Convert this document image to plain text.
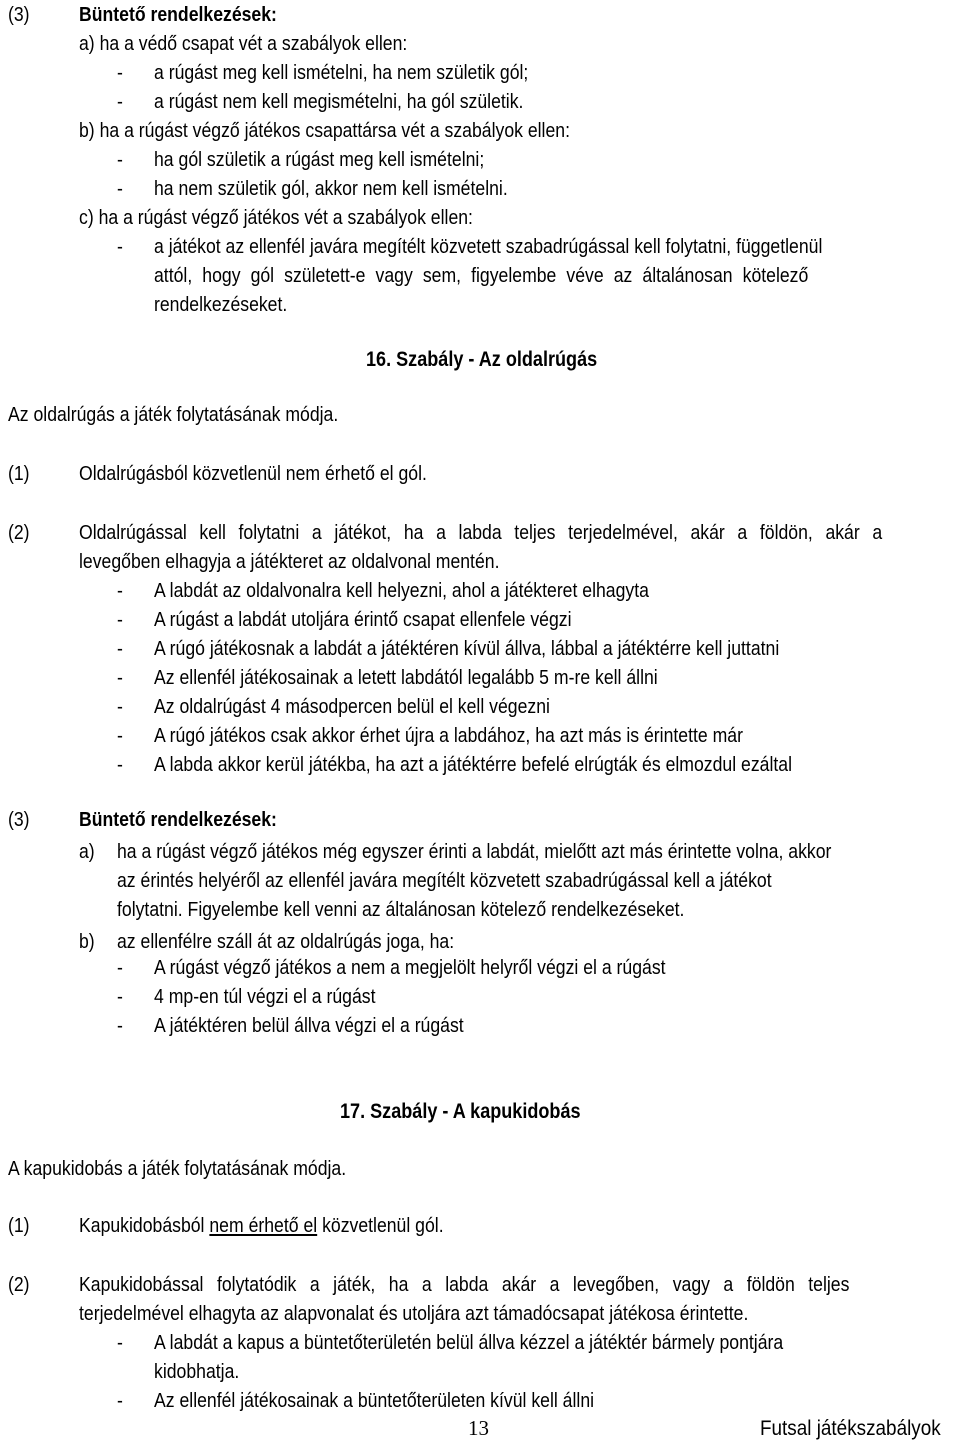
(3) Büntető rendelkezések:
a) ha a védő csapat vét a szabályok ellen:
- a rúgást meg kell ismételni, ha nem születik gól;
- a rúgást nem kell megismételni, ha gól születik.
b) ha a rúgást végző játékos csapattársa vét a szabályok ellen:
- ha gól születik a rúgást meg kell ismételni;
- ha nem születik gól, akkor nem kell ismételni.
c) ha a rúgást végző játékos vét a szabályok ellen:
- a játékot az ellenfél javára megítélt közvetett szabadrúgással kell folytatni, függetlenül
attól, hogy gól született-e vagy sem, figyelembe véve az általánosan kötelező
rendelkezéseket.
16. Szabály - Az oldalrúgás
Az oldalrúgás a játék folytatásának módja.
(1) Oldalrúgásból közvetlenül nem érhető el gól.
(2) Oldalrúgással kell folytatni a játékot, ha a labda teljes terjedelmével, akár a földön, akár a
levegőben elhagyja a játékteret az oldalvonal mentén.
- A labdát az oldalvonalra kell helyezni, ahol a játékteret elhagyta
- A rúgást a labdát utoljára érintő csapat ellenfele végzi
- A rúgó játékosnak a labdát a játéktéren kívül állva, lábbal a játéktérre kell juttatni
- Az ellenfél játékosainak a letett labdától legalább 5 m-re kell állni
- Az oldalrúgást 4 másodpercen belül el kell végezni
- A rúgó játékos csak akkor érhet újra a labdához, ha azt más is érintette már
- A labda akkor kerül játékba, ha azt a játéktérre befelé elrúgták és elmozdul ezáltal
(3) Büntető rendelkezések:
a) ha a rúgást végző játékos még egyszer érinti a labdát, mielőtt azt más érintette volna, akkor
az érintés helyéről az ellenfél javára megítélt közvetett szabadrúgással kell a játékot
folytatni. Figyelembe kell venni az általánosan kötelező rendelkezéseket.
b) az ellenfélre száll át az oldalrúgás joga, ha:
- A rúgást végző játékos a nem a megjelölt helyről végzi el a rúgást
- 4 mp-en túl végzi el a rúgást
- A játéktéren belül állva végzi el a rúgást
17. Szabály - A kapukidobás
A kapukidobás a játék folytatásának módja.
(1) Kapukidobásból nem érhető el közvetlenül gól.
(2) Kapukidobással folytatódik a játék, ha a labda akár a levegőben, vagy a földön teljes
terjedelmével elhagyta az alapvonalat és utoljára azt támadócsapat játékosa érintette.
- A labdát a kapus a büntetőterületén belül állva kézzel a játéktér bármely pontjára
kidobhatja.
- Az ellenfél játékosainak a büntetőterületen kívül kell állni
13	Futsal játékszabályok
